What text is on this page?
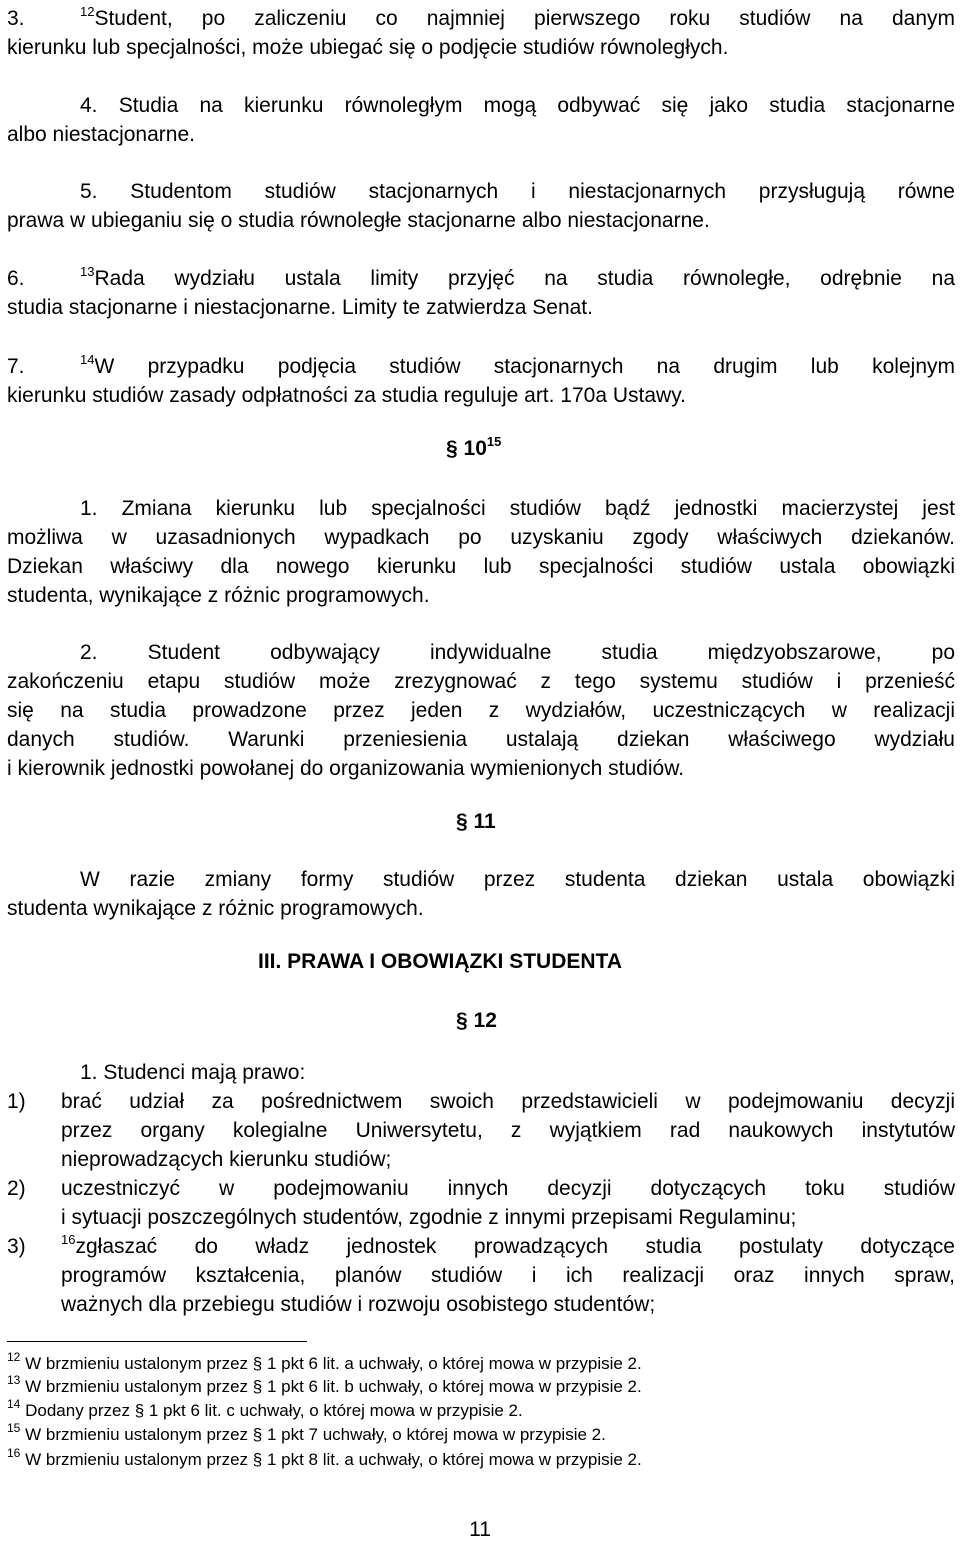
3.	$^{12}$Student, po zaliczeniu co najmniej pierwszego roku studiów na danym
kierunku lub specjalności, może ubiegać się o podjęcie studiów równoległych.
4. Studia na kierunku równoległym mogą odbywać się jako studia stacjonarne
albo niestacjonarne.
5. Studentom studiów stacjonarnych i niestacjonarnych przysługują równe
prawa w ubieganiu się o studia równoległe stacjonarne albo niestacjonarne.
6.	$^{13}$Rada wydziału ustala limity przyjęć na studia równoległe, odrębnie na
studia stacjonarne i niestacjonarne. Limity te zatwierdza Senat.
7.	$^{14}$W przypadku podjęcia studiów stacjonarnych na drugim lub kolejnym
kierunku studiów zasady odpłatności za studia reguluje art. 170a Ustawy.
§ $10^{15}$
1. Zmiana kierunku lub specjalności studiów bądź jednostki macierzystej jest
możliwa w uzasadnionych wypadkach po uzyskaniu zgody właściwych dziekanów.
Dziekan właściwy dla nowego kierunku lub specjalności studiów ustala obowiązki
studenta, wynikające z różnic programowych.
2. Student odbywający indywidualne studia międzyobszarowe, po
zakończeniu etapu studiów może zrezygnować z tego systemu studiów i przenieść
się na studia prowadzone przez jeden z wydziałów, uczestniczących w realizacji
danych studiów. Warunki przeniesienia ustalają dziekan właściwego wydziału
i kierownik jednostki powołanej do organizowania wymienionych studiów.
§ 11
W razie zmiany formy studiów przez studenta dziekan ustala obowiązki
studenta wynikające z różnic programowych.
III. PRAWA I OBOWIĄZKI STUDENTA
§ 12
1. Studenci mają prawo:
1) brać udział za pośrednictwem swoich przedstawicieli w podejmowaniu decyzji
przez organy kolegialne Uniwersytetu, z wyjątkiem rad naukowych instytutów
nieprowadzących kierunku studiów;
2) uczestniczyć w podejmowaniu innych decyzji dotyczących toku studiów
i sytuacji poszczególnych studentów, zgodnie z innymi przepisami Regulaminu;
3)	$^{16}$zgłaszać do władz jednostek prowadzących studia postulaty dotyczące
programów kształcenia, planów studiów i ich realizacji oraz innych spraw,
ważnych dla przebiegu studiów i rozwoju osobistego studentów;
$^{12}$ W brzmieniu ustalonym przez § 1 pkt 6 lit. a uchwały, o której mowa w przypisie 2.
$^{13}$ W brzmieniu ustalonym przez § 1 pkt 6 lit. b uchwały, o której mowa w przypisie 2.
$^{14}$ Dodany przez § 1 pkt 6 lit. c uchwały, o której mowa w przypisie 2.
$^{15}$ W brzmieniu ustalonym przez § 1 pkt 7 uchwały, o której mowa w przypisie 2.
$^{16}$ W brzmieniu ustalonym przez § 1 pkt 8 lit. a uchwały, o której mowa w przypisie 2.
11
